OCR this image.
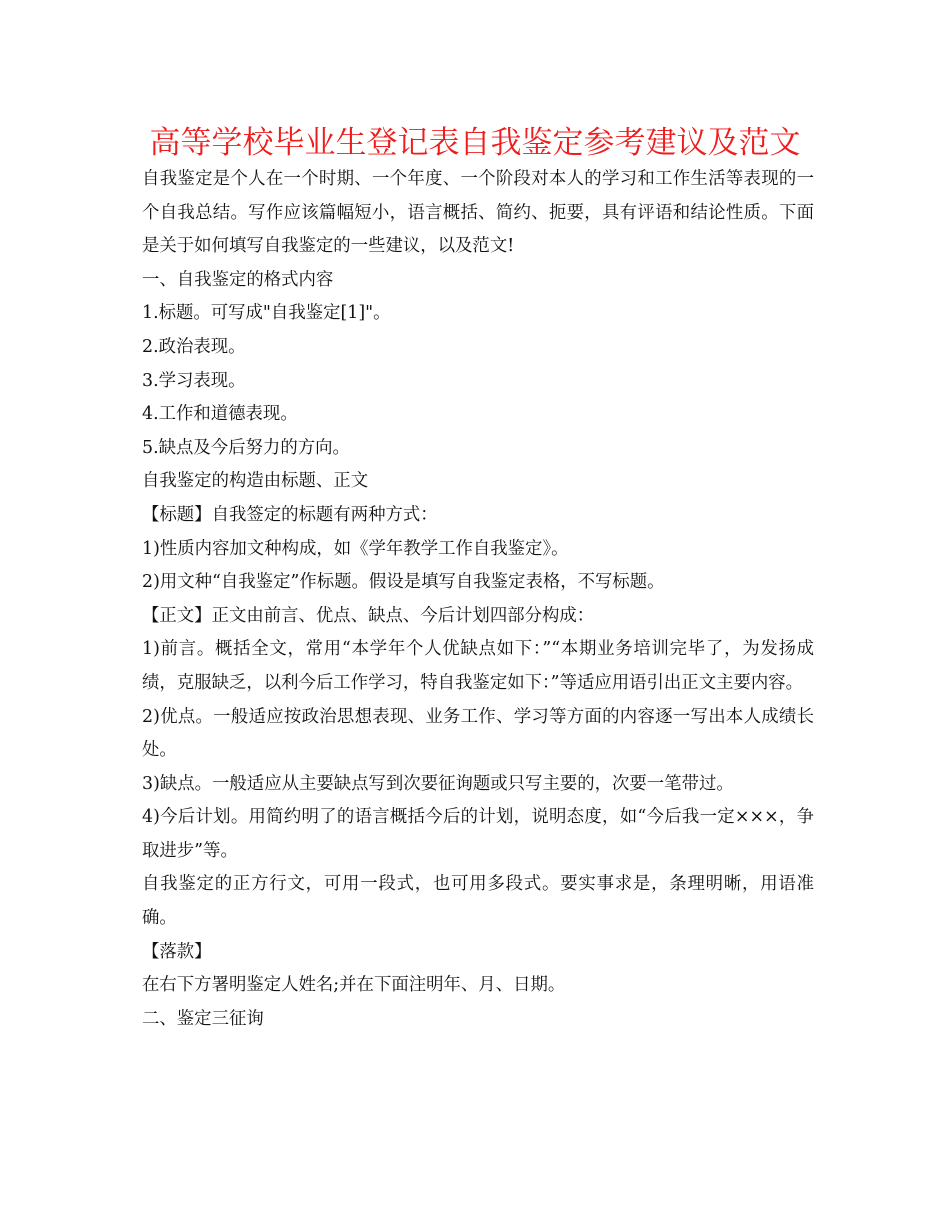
高等学校毕业生登记表自我鉴定参考建议及范文

自我鉴定是个人在一个时期、一个年度、一个阶段对本人的学习和工作生活等表现的一个自我总结。写作应该篇幅短小，语言概括、简约、扼要，具有评语和结论性质。下面是关于如何填写自我鉴定的一些建议，以及范文!

一、自我鉴定的格式内容

1.标题。可写成"自我鉴定[1]"。

2.政治表现。

3.学习表现。

4.工作和道德表现。

5.缺点及今后努力的方向。

自我鉴定的构造由标题、正文

【标题】自我签定的标题有两种方式：

1)性质内容加文种构成，如《学年教学工作自我鉴定》。

2)用文种“自我鉴定”作标题。假设是填写自我鉴定表格，不写标题。

【正文】正文由前言、优点、缺点、今后计划四部分构成：

1)前言。概括全文，常用“本学年个人优缺点如下：”“本期业务培训完毕了，为发扬成绩，克服缺乏，以利今后工作学习，特自我鉴定如下：”等适应用语引出正文主要内容。

2)优点。一般适应按政治思想表现、业务工作、学习等方面的内容逐一写出本人成绩长处。

3)缺点。一般适应从主要缺点写到次要征询题或只写主要的，次要一笔带过。

4)今后计划。用简约明了的语言概括今后的计划，说明态度，如“今后我一定×××，争取进步”等。

自我鉴定的正方行文，可用一段式，也可用多段式。要实事求是，条理明晰，用语准确。

【落款】

在右下方署明鉴定人姓名;并在下面注明年、月、日期。

二、鉴定三征询
